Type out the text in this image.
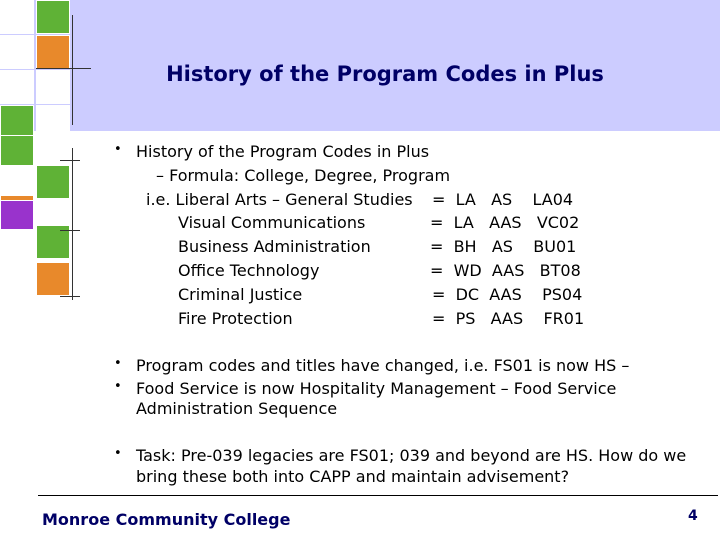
History of the Program Codes in Plus
• History of the Program Codes in Plus
– Formula: College, Degree, Program
i.e. Liberal Arts – General Studies =  LA   AS    LA04
Visual Communications	=  LA   AAS   VC02
Business Administration	=  BH   AS    BU01
Office Technology	=  WD  AAS   BT08
Criminal Justice	=  DC  AAS    PS04
Fire Protection	=  PS   AAS    FR01
• Program codes and titles have changed, i.e. FS01 is now HS –
• Food Service is now Hospitality Management – Food Service
Administration Sequence
• Task: Pre-039 legacies are FS01; 039 and beyond are HS. How do we
bring these both into CAPP and maintain advisement?
Monroe Community College	4
